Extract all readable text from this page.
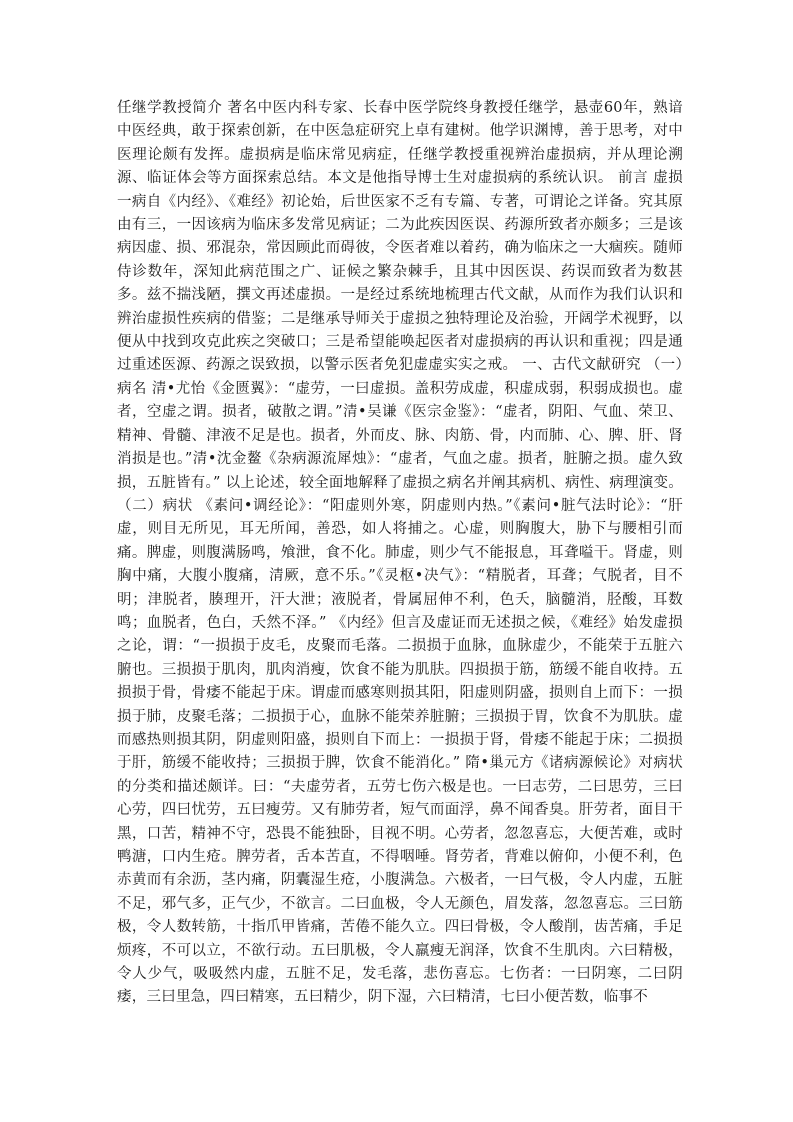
任继学教授简介 著名中医内科专家、长春中医学院终身教授任继学，悬壶60年，熟谙中医经典，敢于探索创新，在中医急症研究上卓有建树。他学识渊博，善于思考，对中医理论颇有发挥。虚损病是临床常见病症，任继学教授重视辨治虚损病，并从理论溯源、临证体会等方面探索总结。本文是他指导博士生对虚损病的系统认识。 前言 虚损一病自《内经》、《难经》初论始，后世医家不乏有专篇、专著，可谓论之详备。究其原由有三，一因该病为临床多发常见病证；二为此疾因医误、药源所致者亦颇多；三是该病因虚、损、邪混杂，常因顾此而碍彼，令医者难以着药，确为临床之一大痼疾。随师侍诊数年，深知此病范围之广、证候之繁杂棘手，且其中因医误、药误而致者为数甚多。兹不揣浅陋，撰文再述虚损。一是经过系统地梳理古代文献，从而作为我们认识和辨治虚损性疾病的借鉴；二是继承导师关于虚损之独特理论及治验，开阔学术视野，以便从中找到攻克此疾之突破口；三是希望能唤起医者对虚损病的再认识和重视；四是通过重述医源、药源之误致损，以警示医者免犯虚虚实实之戒。 一、古代文献研究 （一）病名 清•尤怡《金匮翼》：“虚劳，一曰虚损。盖积劳成虚，积虚成弱，积弱成损也。虚者，空虚之谓。损者，破散之谓。”清•吴谦《医宗金鉴》：“虚者，阴阳、气血、荣卫、精神、骨髓、津液不足是也。损者，外而皮、脉、肉筋、骨，内而肺、心、脾、肝、肾消损是也。”清•沈金鳌《杂病源流犀烛》：“虚者，气血之虚。损者，脏腑之损。虚久致损，五脏皆有。” 以上论述，较全面地解释了虚损之病名并阐其病机、病性、病理演变。 （二）病状 《素问•调经论》：“阳虚则外寒，阴虚则内热。”《素问•脏气法时论》：“肝虚，则目无所见，耳无所闻，善恐，如人将捕之。心虚，则胸腹大，胁下与腰相引而痛。脾虚，则腹满肠鸣，飧泄，食不化。肺虚，则少气不能报息，耳聋嗌干。肾虚，则胸中痛，大腹小腹痛，清厥，意不乐。”《灵枢•决气》：“精脱者，耳聋；气脱者，目不明；津脱者，腠理开，汗大泄；液脱者，骨属屈伸不利，色夭，脑髓消，胫酸，耳数鸣；血脱者，色白，夭然不泽。” 《内经》但言及虚证而无述损之候，《难经》始发虚损之论，谓：“一损损于皮毛，皮聚而毛落。二损损于血脉，血脉虚少，不能荣于五脏六腑也。三损损于肌肉，肌肉消瘦，饮食不能为肌肤。四损损于筋，筋缓不能自收持。五损损于骨，骨痿不能起于床。谓虚而感寒则损其阳，阳虚则阴盛，损则自上而下：一损损于肺，皮聚毛落；二损损于心，血脉不能荣养脏腑；三损损于胃，饮食不为肌肤。虚而感热则损其阴，阴虚则阳盛，损则自下而上：一损损于肾，骨痿不能起于床；二损损于肝，筋缓不能收持；三损损于脾，饮食不能消化。” 隋•巢元方《诸病源候论》对病状的分类和描述颇详。曰：“夫虚劳者，五劳七伤六极是也。一曰志劳，二曰思劳，三曰心劳，四曰忧劳，五曰瘦劳。又有肺劳者，短气而面浮，鼻不闻香臭。肝劳者，面目干黑，口苦，精神不守，恐畏不能独卧，目视不明。心劳者，忽忽喜忘，大便苦难，或时鸭溏，口内生疮。脾劳者，舌本苦直，不得咽唾。肾劳者，背难以俯仰，小便不利，色赤黄而有余沥，茎内痛，阴囊湿生疮，小腹满急。六极者，一曰气极，令人内虚，五脏不足，邪气多，正气少，不欲言。二曰血极，令人无颜色，眉发落，忽忽喜忘。三曰筋极，令人数转筋，十指爪甲皆痛，苦倦不能久立。四曰骨极，令人酸削，齿苦痛，手足烦疼，不可以立，不欲行动。五曰肌极，令人羸瘦无润泽，饮食不生肌肉。六曰精极，令人少气，吸吸然内虚，五脏不足，发毛落，悲伤喜忘。七伤者：一曰阴寒，二曰阴痿，三曰里急，四曰精寒，五曰精少，阴下湿，六曰精清，七曰小便苦数，临事不
